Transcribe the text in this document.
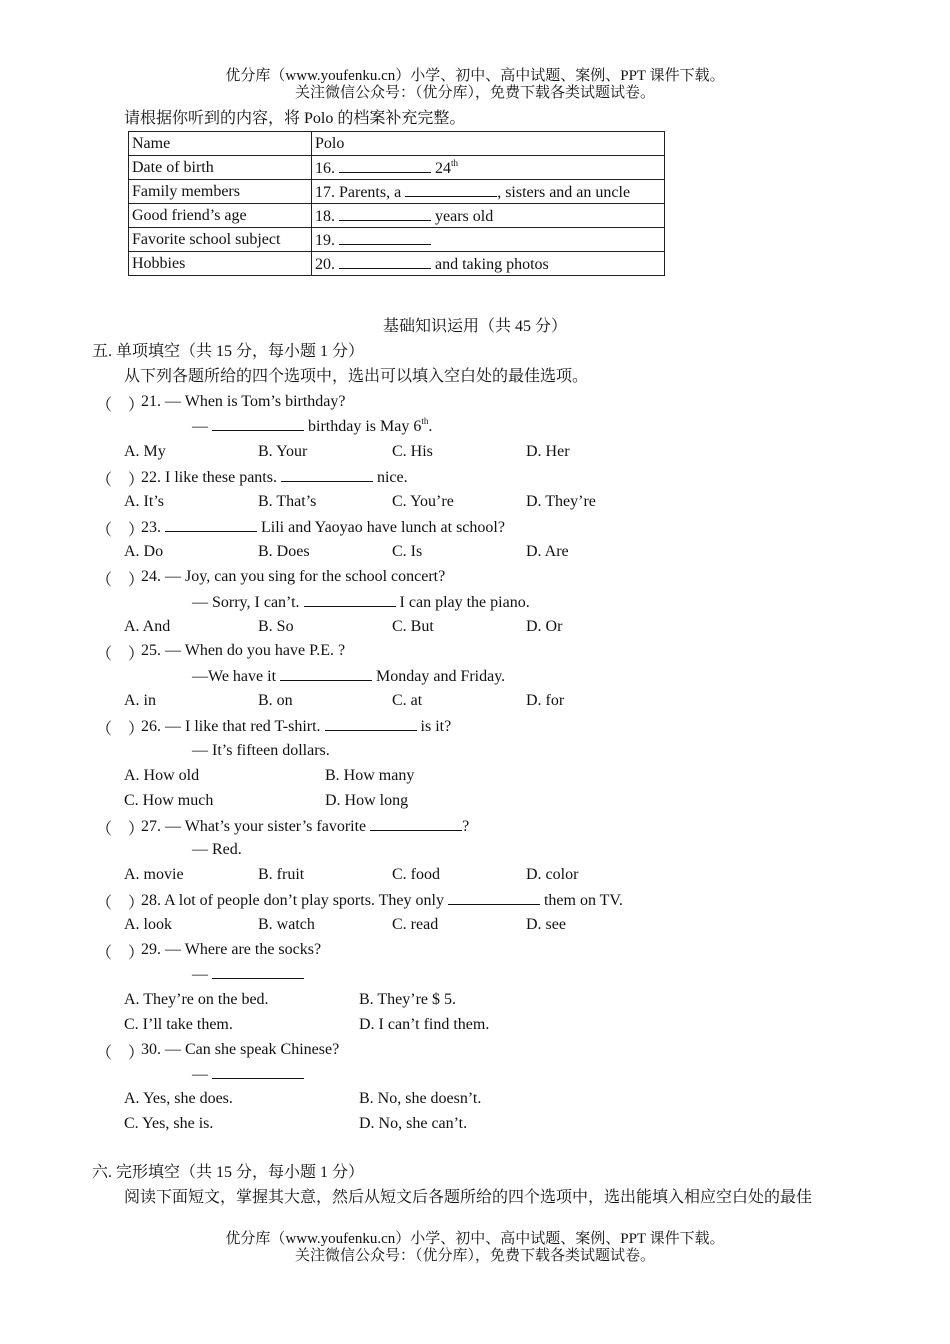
优分库（www.youfenku.cn）小学、初中、高中试题、案例、PPT 课件下载。
关注微信公众号：（优分库），免费下载各类试题试卷。
请根据你听到的内容，将 Polo 的档案补充完整。
Name	Polo
Date of birth	16. 24th
Family members	17. Parents, a , sisters and an uncle
Good friend’s age	18. years old
Favorite school subject	19.
Hobbies	20. and taking photos
基础知识运用（共 45 分）
五. 单项填空（共 15 分，每小题 1 分）
从下列各题所给的四个选项中，选出可以填入空白处的最佳选项。
（　）
21. — When is Tom’s birthday?
—	birthday is May 6th.
A. My	B. Your	C. His	D. Her
（　）
22. I like these pants.	nice.
A. It’s	B. That’s	C. You’re	D. They’re
（　）
23.	Lili and Yaoyao have lunch at school?
A. Do	B. Does	C. Is	D. Are
（　）
24. — Joy, can you sing for the school concert?
— Sorry, I can’t.	I can play the piano.
A. And	B. So	C. But	D. Or
（　）
25. — When do you have P.E. ?
—We have it	Monday and Friday.
A. in	B. on	C. at	D. for
（　）
26. — I like that red T-shirt.	is it?
— It’s fifteen dollars.
A. How old	B. How many
C. How much	D. How long
（　）
27. — What’s your sister’s favorite	?
— Red.
A. movie	B. fruit	C. food	D. color
（　）
28. A lot of people don’t play sports. They only	them on TV.
A. look	B. watch	C. read	D. see
（　）
29. — Where are the socks?
—
A. They’re on the bed.	B. They’re $ 5.
C. I’ll take them.	D. I can’t find them.
（　）
30. — Can she speak Chinese?
—
A. Yes, she does.	B. No, she doesn’t.
C. Yes, she is.	D. No, she can’t.
六. 完形填空（共 15 分，每小题 1 分）
阅读下面短文，掌握其大意，然后从短文后各题所给的四个选项中，选出能填入相应空白处的最佳
优分库（www.youfenku.cn）小学、初中、高中试题、案例、PPT 课件下载。
关注微信公众号：（优分库），免费下载各类试题试卷。
